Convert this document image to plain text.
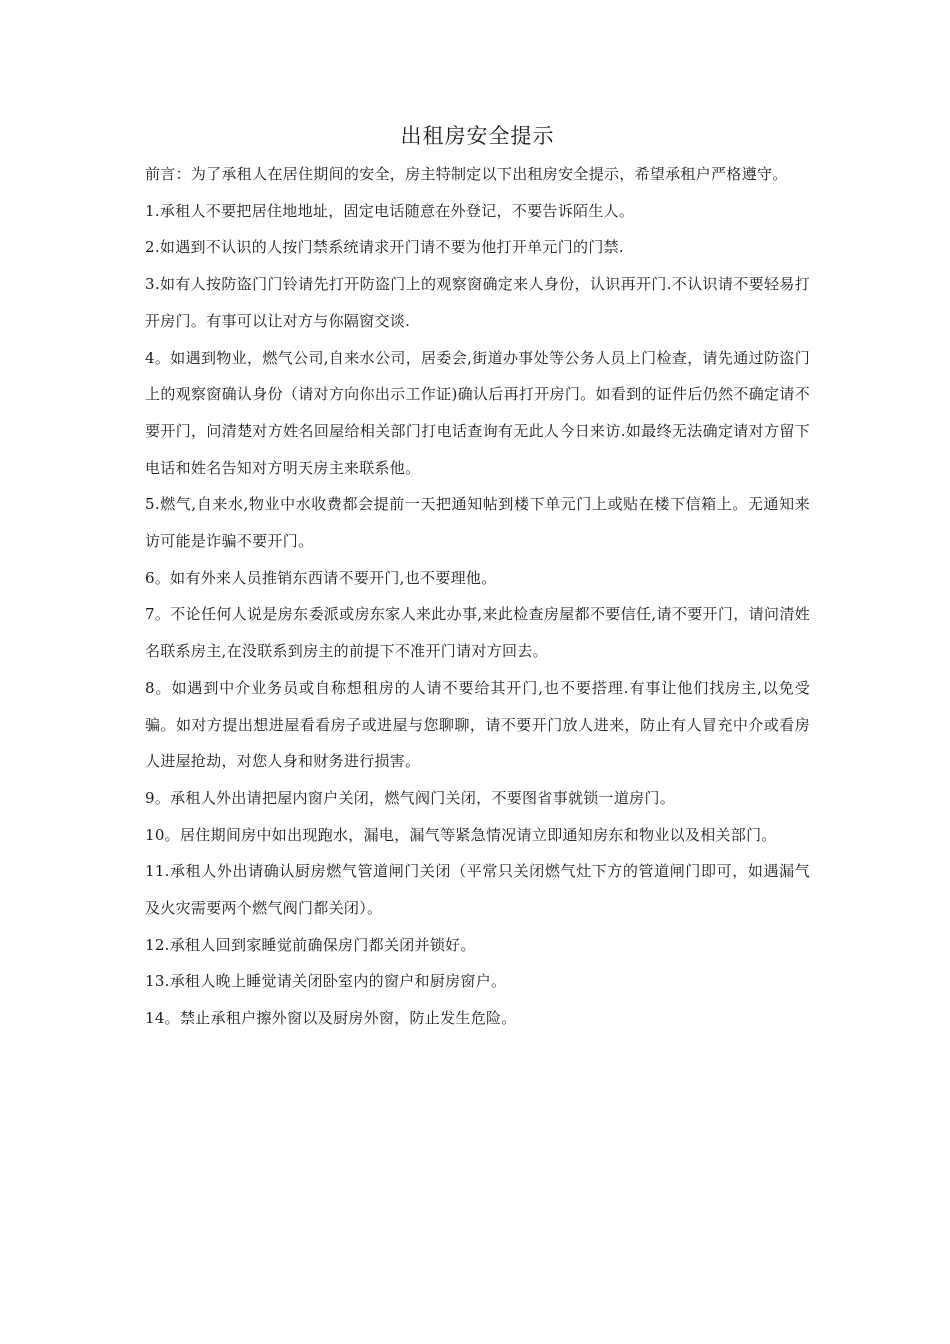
出租房安全提示

前言：为了承租人在居住期间的安全，房主特制定以下出租房安全提示，希望承租户严格遵守。

1.承租人不要把居住地地址，固定电话随意在外登记，不要告诉陌生人。

2.如遇到不认识的人按门禁系统请求开门请不要为他打开单元门的门禁.

3.如有人按防盗门门铃请先打开防盗门上的观察窗确定来人身份，认识再开门.不认识请不要轻易打开房门。有事可以让对方与你隔窗交谈.

4。如遇到物业，燃气公司,自来水公司，居委会,街道办事处等公务人员上门检查，请先通过防盗门上的观察窗确认身份（请对方向你出示工作证)确认后再打开房门。如看到的证件后仍然不确定请不要开门，问清楚对方姓名回屋给相关部门打电话查询有无此人今日来访.如最终无法确定请对方留下电话和姓名告知对方明天房主来联系他。

5.燃气,自来水,物业中水收费都会提前一天把通知帖到楼下单元门上或贴在楼下信箱上。无通知来访可能是诈骗不要开门。

6。如有外来人员推销东西请不要开门,也不要理他。

7。不论任何人说是房东委派或房东家人来此办事,来此检查房屋都不要信任,请不要开门，请问清姓名联系房主,在没联系到房主的前提下不准开门请对方回去。

8。如遇到中介业务员或自称想租房的人请不要给其开门,也不要搭理.有事让他们找房主,以免受骗。如对方提出想进屋看看房子或进屋与您聊聊，请不要开门放人进来，防止有人冒充中介或看房人进屋抢劫，对您人身和财务进行损害。

9。承租人外出请把屋内窗户关闭，燃气阀门关闭，不要图省事就锁一道房门。

10。居住期间房中如出现跑水，漏电，漏气等紧急情况请立即通知房东和物业以及相关部门。

11.承租人外出请确认厨房燃气管道闸门关闭（平常只关闭燃气灶下方的管道闸门即可，如遇漏气及火灾需要两个燃气阀门都关闭）。

12.承租人回到家睡觉前确保房门都关闭并锁好。

13.承租人晚上睡觉请关闭卧室内的窗户和厨房窗户。

14。禁止承租户擦外窗以及厨房外窗，防止发生危险。
